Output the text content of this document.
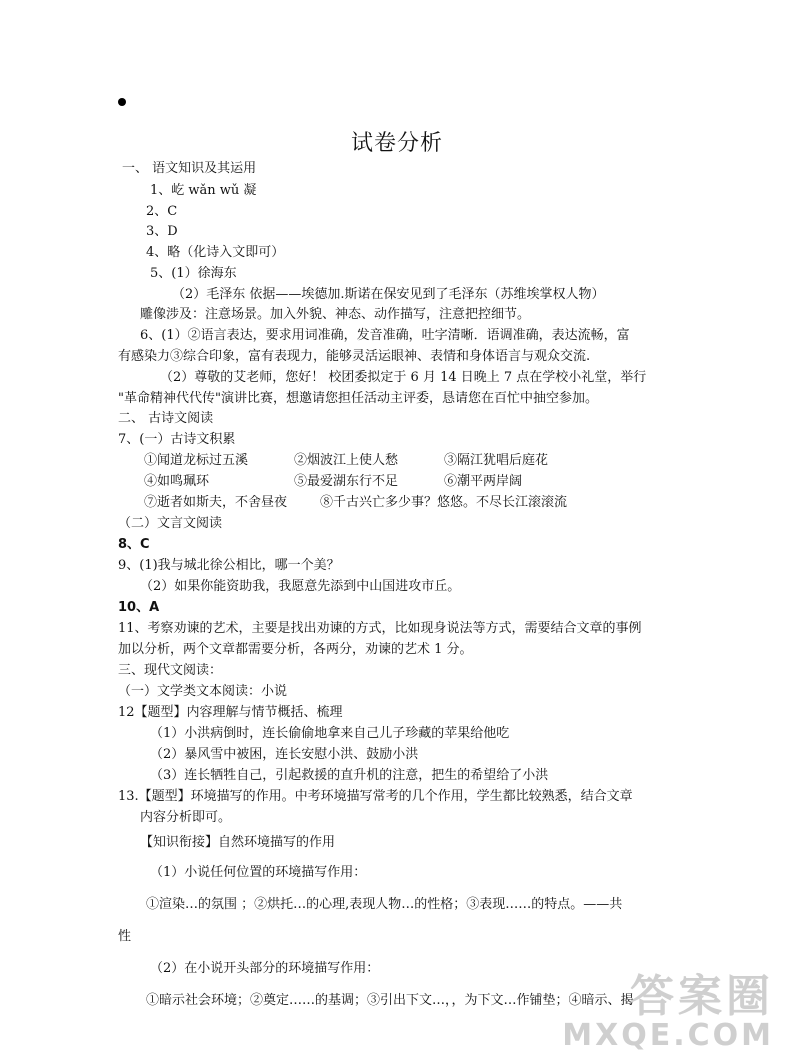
试卷分析
一、 语文知识及其运用
1、屹 wǎn wǔ 凝
2、C
3、D
4、略（化诗入文即可）
5、(1）徐海东
（2）毛泽东 依据——埃德加.斯诺在保安见到了毛泽东（苏维埃掌权人物）
雕像涉及：注意场景。加入外貌、神态、动作描写，注意把控细节。
6、(1）②语言表达，要求用词准确，发音准确，吐字清晰．语调准确，表达流畅，富
有感染力③综合印象，富有表现力，能够灵活运眼神、表情和身体语言与观众交流.
（2）尊敬的艾老师，您好！ 校团委拟定于 6 月 14 日晚上 7 点在学校小礼堂，举行
"革命精神代代传"演讲比赛，想邀请您担任活动主评委，恳请您在百忙中抽空参加。
二、 古诗文阅读
7、(一）古诗文积累
①闻道龙标过五溪	②烟波江上使人愁	③隔江犹唱后庭花
④如鸣珮环	⑤最爱湖东行不足	⑥潮平两岸阔
⑦逝者如斯夫，不舍昼夜	⑧千古兴亡多少事？悠悠。不尽长江滚滚流
（二）文言文阅读
8、C
9、(1)我与城北徐公相比，哪一个美？
（2）如果你能资助我，我愿意先添到中山国进攻市丘。
10、A
11、考察劝谏的艺术，主要是找出劝谏的方式，比如现身说法等方式，需要结合文章的事例
加以分析，两个文章都需要分析，各两分，劝谏的艺术 1 分。
三、现代文阅读：
（一）文学类文本阅读：小说
12【题型】内容理解与情节概括、梳理
（1）小洪病倒时，连长偷偷地拿来自己儿子珍藏的苹果给他吃
（2）暴风雪中被困，连长安慰小洪、鼓励小洪
（3）连长牺牲自己，引起救援的直升机的注意，把生的希望给了小洪
13.【题型】环境描写的作用。中考环境描写常考的几个作用，学生都比较熟悉，结合文章
内容分析即可。
【知识衔接】自然环境描写的作用
（1）小说任何位置的环境描写作用：
①渲染…的氛围 ；②烘托…的心理,表现人物…的性格；③表现……的特点。——共
性
（2）在小说开头部分的环境描写作用：
①暗示社会环境；②奠定……的基调；③引出下文…，，为下文…作铺垫；④暗示、揭
答案圈
MXQE.COM
